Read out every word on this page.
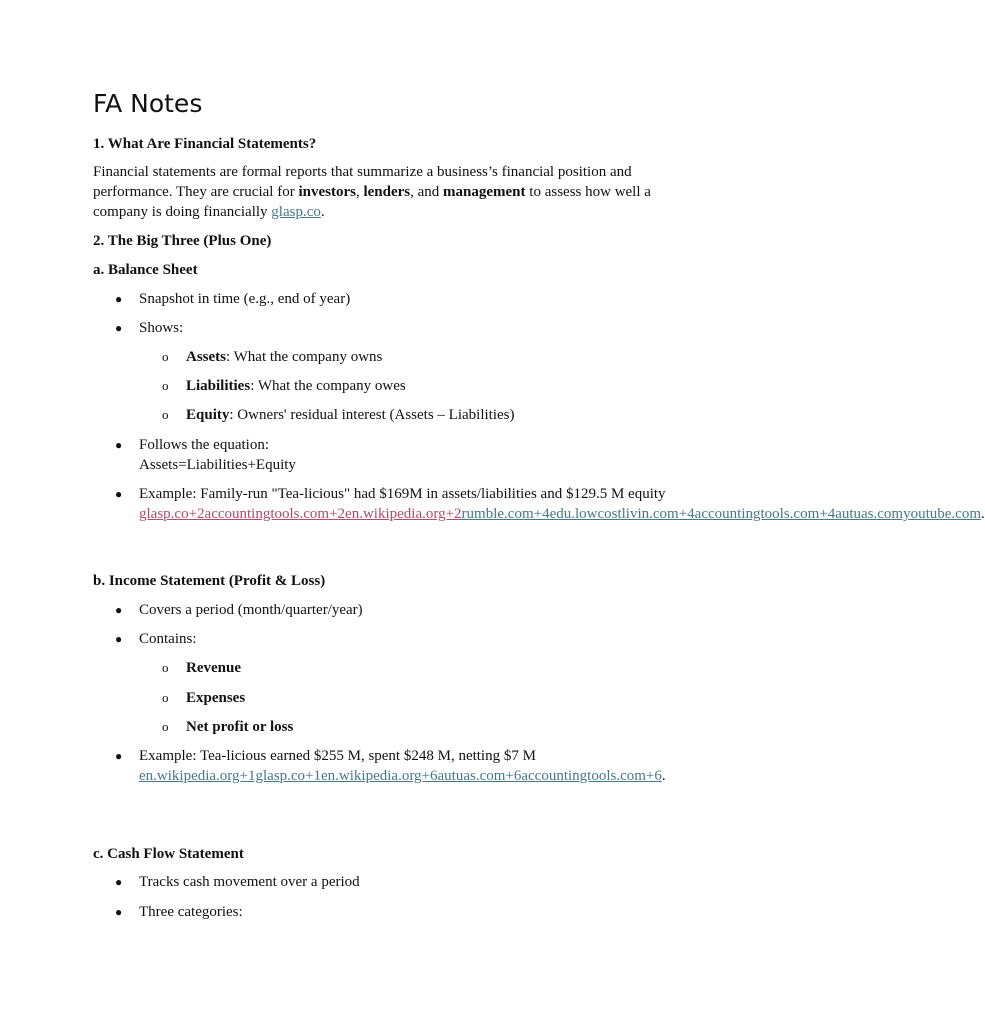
FA Notes

1. What Are Financial Statements?

Financial statements are formal reports that summarize a business’s financial position and performance. They are crucial for investors, lenders, and management to assess how well a company is doing financially glasp.co.

2. The Big Three (Plus One)

a. Balance Sheet

● Snapshot in time (e.g., end of year)
● Shows:
o Assets: What the company owns
o Liabilities: What the company owes
o Equity: Owners' residual interest (Assets – Liabilities)
● Follows the equation:
Assets=Liabilities+Equity
● Example: Family-run "Tea-licious" had $169M in assets/liabilities and $129.5 M equity glasp.co+2accountingtools.com+2en.wikipedia.org+2rumble.com+4edu.lowcostlivin.com+4accountingtools.com+4autuas.comyoutube.com.

b. Income Statement (Profit & Loss)

● Covers a period (month/quarter/year)
● Contains:
o Revenue
o Expenses
o Net profit or loss
● Example: Tea-licious earned $255 M, spent $248 M, netting $7 M
en.wikipedia.org+1glasp.co+1en.wikipedia.org+6autuas.com+6accountingtools.com+6.

c. Cash Flow Statement

● Tracks cash movement over a period
● Three categories:
